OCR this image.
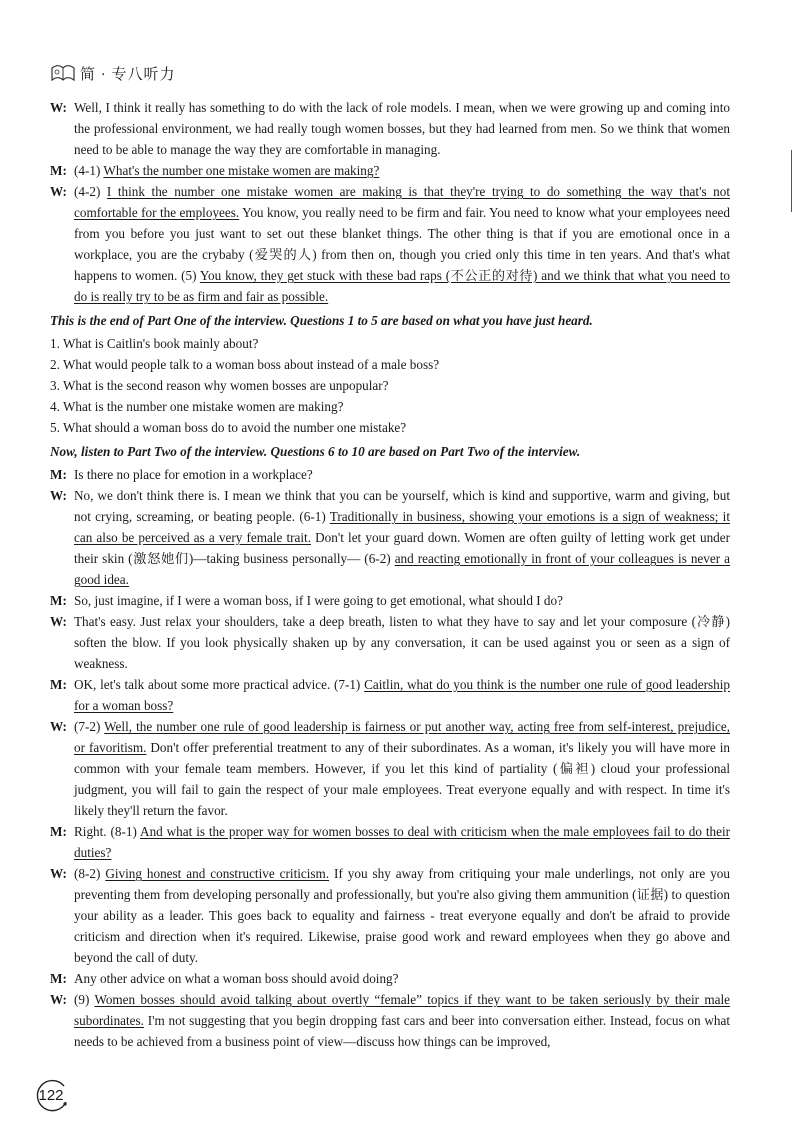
简 · 专八听力

W: Well, I think it really has something to do with the lack of role models. I mean, when we were growing up and coming into the professional environment, we had really tough women bosses, but they had learned from men. So we think that women need to be able to manage the way they are comfortable in managing.

M: (4-1) What's the number one mistake women are making?

W: (4-2) I think the number one mistake women are making is that they're trying to do something the way that's not comfortable for the employees. You know, you really need to be firm and fair. You need to know what your employees need from you before you just want to set out these blanket things. The other thing is that if you are emotional once in a workplace, you are the crybaby (爱哭的人) from then on, though you cried only this time in ten years. And that's what happens to women. (5) You know, they get stuck with these bad raps (不公正的对待) and we think that what you need to do is really try to be as firm and fair as possible.

This is the end of Part One of the interview. Questions 1 to 5 are based on what you have just heard.

1. What is Caitlin's book mainly about?

2. What would people talk to a woman boss about instead of a male boss?

3. What is the second reason why women bosses are unpopular?

4. What is the number one mistake women are making?

5. What should a woman boss do to avoid the number one mistake?

Now, listen to Part Two of the interview. Questions 6 to 10 are based on Part Two of the interview.

M: Is there no place for emotion in a workplace?

W: No, we don't think there is. I mean we think that you can be yourself, which is kind and supportive, warm and giving, but not crying, screaming, or beating people. (6-1) Traditionally in business, showing your emotions is a sign of weakness; it can also be perceived as a very female trait. Don't let your guard down. Women are often guilty of letting work get under their skin (激怒她们)—taking business personally— (6-2) and reacting emotionally in front of your colleagues is never a good idea.

M: So, just imagine, if I were a woman boss, if I were going to get emotional, what should I do?

W: That's easy. Just relax your shoulders, take a deep breath, listen to what they have to say and let your composure (冷静) soften the blow. If you look physically shaken up by any conversation, it can be used against you or seen as a sign of weakness.

M: OK, let's talk about some more practical advice. (7-1) Caitlin, what do you think is the number one rule of good leadership for a woman boss?

W: (7-2) Well, the number one rule of good leadership is fairness or put another way, acting free from self-interest, prejudice, or favoritism. Don't offer preferential treatment to any of their subordinates. As a woman, it's likely you will have more in common with your female team members. However, if you let this kind of partiality (偏袒) cloud your professional judgment, you will fail to gain the respect of your male employees. Treat everyone equally and with respect. In time it's likely they'll return the favor.

M: Right. (8-1) And what is the proper way for women bosses to deal with criticism when the male employees fail to do their duties?

W: (8-2) Giving honest and constructive criticism. If you shy away from critiquing your male underlings, not only are you preventing them from developing personally and professionally, but you're also giving them ammunition (证据) to question your ability as a leader. This goes back to equality and fairness - treat everyone equally and don't be afraid to provide criticism and direction when it's required. Likewise, praise good work and reward employees when they go above and beyond the call of duty.

M: Any other advice on what a woman boss should avoid doing?

W: (9) Women bosses should avoid talking about overtly “female” topics if they want to be taken seriously by their male subordinates. I'm not suggesting that you begin dropping fast cars and beer into conversation either. Instead, focus on what needs to be achieved from a business point of view—discuss how things can be improved,

122
